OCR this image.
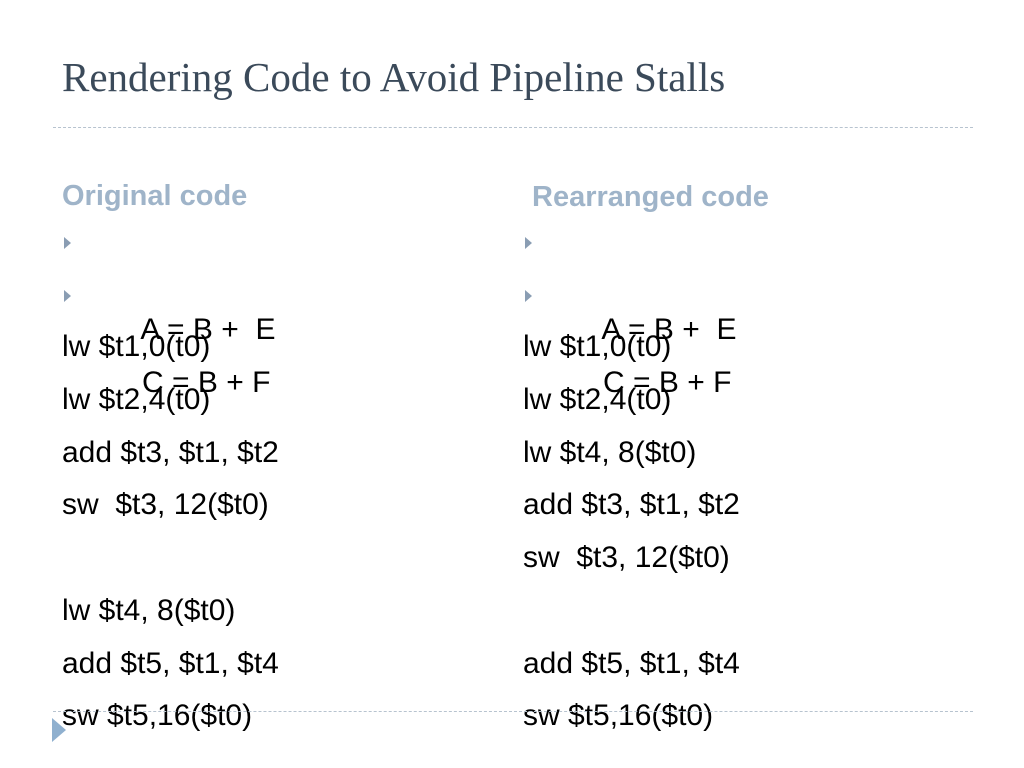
Rendering Code to Avoid Pipeline Stalls
Original code

A = B +  E

C = B + F

lw $t1,0(t0)
lw $t2,4(t0)
add $t3, $t1, $t2
sw  $t3, 12($t0)
lw $t4, 8($t0)
add $t5, $t1, $t4
sw $t5,16($t0)
Rearranged code

A = B +  E

C = B + F

lw $t1,0(t0)
lw $t2,4(t0)
lw $t4, 8($t0)
add $t3, $t1, $t2
sw  $t3, 12($t0)
add $t5, $t1, $t4
sw $t5,16($t0)
